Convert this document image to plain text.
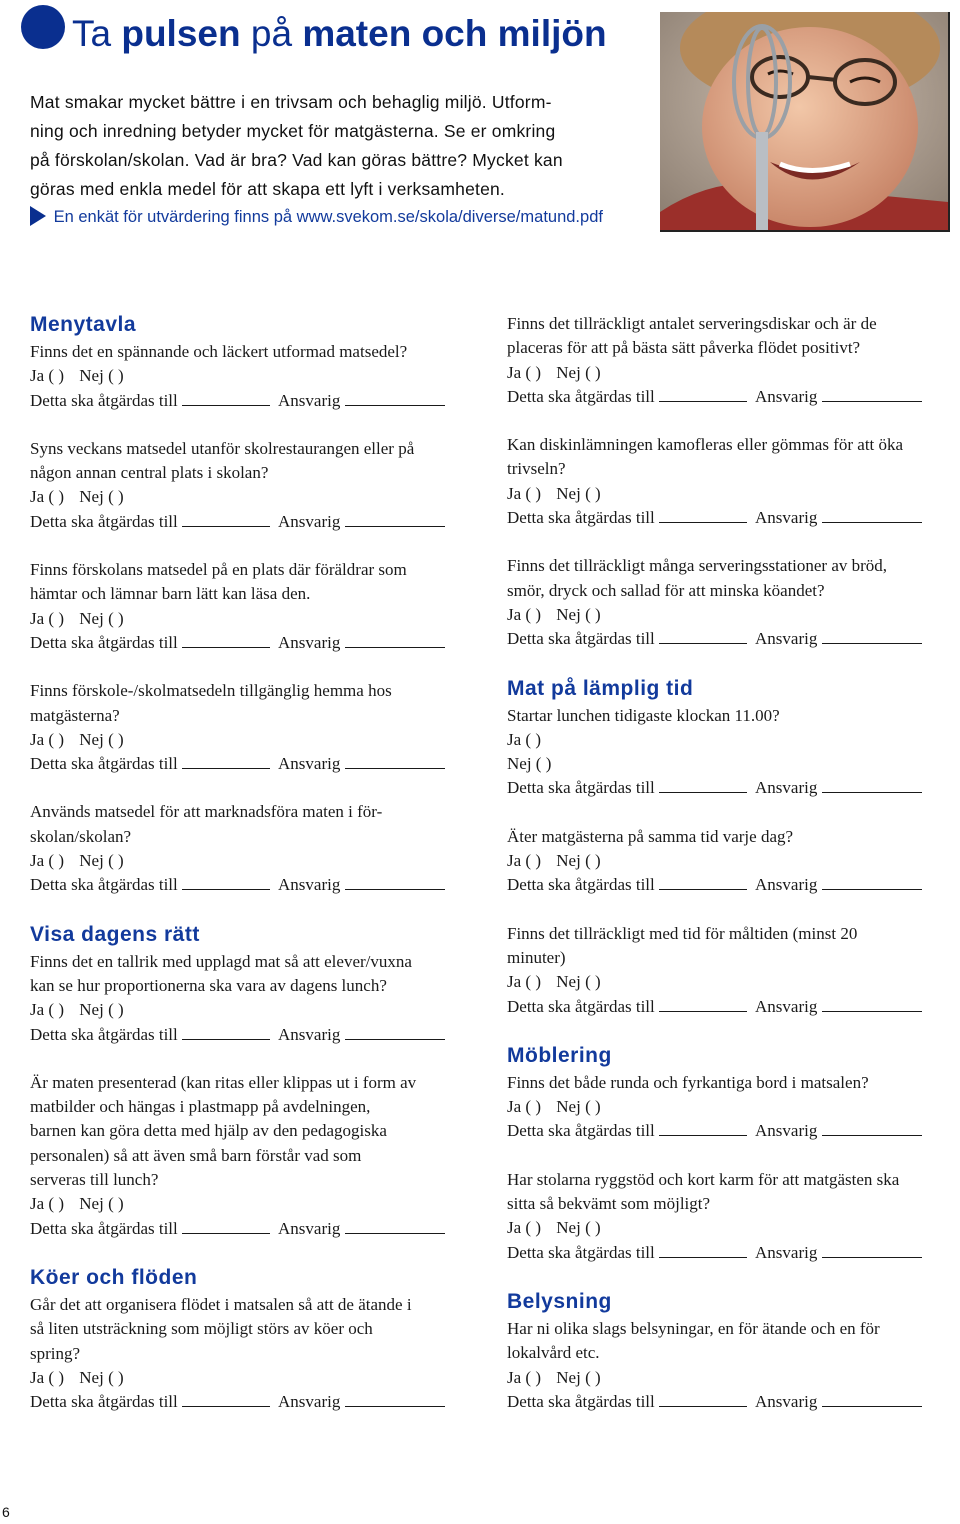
Ta pulsen på maten och miljön

Mat smakar mycket bättre i en trivsam och behaglig miljö. Utform-

ning och inredning betyder mycket för matgästerna. Se er omkring

på förskolan/skolan. Vad är bra? Vad kan göras bättre? Mycket kan

göras med enkla medel för att skapa ett lyft i verksamheten.

En enkät för utvärdering finns på www.svekom.se/skola/diverse/matund.pdf
Menytavla
Finns det en spännande och läckert utformad matsedel?
Ja ( ) Nej ( )
Detta ska åtgärdas till	Ansvarig
Syns veckans matsedel utanför skolrestaurangen eller på
någon annan central plats i skolan?
Ja ( ) Nej ( )
Detta ska åtgärdas till	Ansvarig
Finns förskolans matsedel på en plats där föräldrar som
hämtar och lämnar barn lätt kan läsa den.
Ja ( ) Nej ( )
Detta ska åtgärdas till	Ansvarig
Finns förskole-/skolmatsedeln tillgänglig hemma hos
matgästerna?
Ja ( ) Nej ( )
Detta ska åtgärdas till	Ansvarig
Används matsedel för att marknadsföra maten i för-
skolan/skolan?
Ja ( ) Nej ( )
Detta ska åtgärdas till	Ansvarig
Visa dagens rätt
Finns det en tallrik med upplagd mat så att elever/vuxna
kan se hur proportionerna ska vara av dagens lunch?
Ja ( ) Nej ( )
Detta ska åtgärdas till	Ansvarig
Är maten presenterad (kan ritas eller klippas ut i form av
matbilder och hängas i plastmapp på avdelningen,
barnen kan göra detta med hjälp av den pedagogiska
personalen) så att även små barn förstår vad som
serveras till lunch?
Ja ( ) Nej ( )
Detta ska åtgärdas till	Ansvarig
Köer och flöden
Går det att organisera flödet i matsalen så att de ätande i
så liten utsträckning som möjligt störs av köer och
spring?
Ja ( ) Nej ( )
Detta ska åtgärdas till	Ansvarig
Finns det tillräckligt antalet serveringsdiskar och är de
placeras för att på bästa sätt påverka flödet positivt?
Ja ( ) Nej ( )
Detta ska åtgärdas till	Ansvarig
Kan diskinlämningen kamofleras eller gömmas för att öka
trivseln?
Ja ( ) Nej ( )
Detta ska åtgärdas till	Ansvarig
Finns det tillräckligt många serveringsstationer av bröd,
smör, dryck och sallad för att minska köandet?
Ja ( ) Nej ( )
Detta ska åtgärdas till	Ansvarig
Mat på lämplig tid
Startar lunchen tidigaste klockan 11.00?
Ja ( )
Nej ( )
Detta ska åtgärdas till	Ansvarig
Äter matgästerna på samma tid varje dag?
Ja ( ) Nej ( )
Detta ska åtgärdas till	Ansvarig
Finns det tillräckligt med tid för måltiden (minst 20
minuter)
Ja ( ) Nej ( )
Detta ska åtgärdas till	Ansvarig
Möblering
Finns det både runda och fyrkantiga bord i matsalen?
Ja ( ) Nej ( )
Detta ska åtgärdas till	Ansvarig
Har stolarna ryggstöd och kort karm för att matgästen ska
sitta så bekvämt som möjligt?
Ja ( ) Nej ( )
Detta ska åtgärdas till	Ansvarig
Belysning
Har ni olika slags belsyningar, en för ätande och en för
lokalvård etc.
Ja ( ) Nej ( )
Detta ska åtgärdas till	Ansvarig
6
